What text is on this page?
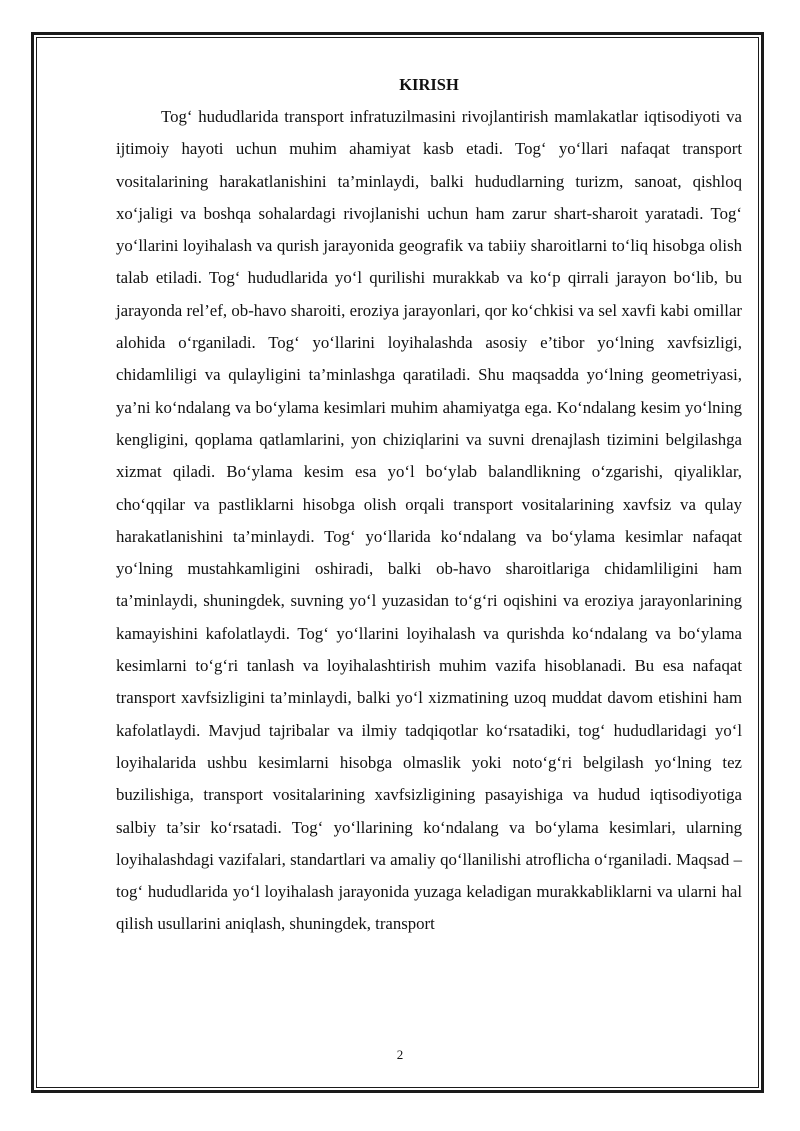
KIRISH

Tog‘ hududlarida transport infratuzilmasini rivojlantirish mamlakatlar iqtisodiyoti va ijtimoiy hayoti uchun muhim ahamiyat kasb etadi. Tog‘ yo‘llari nafaqat transport vositalarining harakatlanishini ta’minlaydi, balki hududlarning turizm, sanoat, qishloq xo‘jaligi va boshqa sohalardagi rivojlanishi uchun ham zarur shart-sharoit yaratadi. Tog‘ yo‘llarini loyihalash va qurish jarayonida geografik va tabiiy sharoitlarni to‘liq hisobga olish talab etiladi. Tog‘ hududlarida yo‘l qurilishi murakkab va ko‘p qirrali jarayon bo‘lib, bu jarayonda rel’ef, ob-havo sharoiti, eroziya jarayonlari, qor ko‘chkisi va sel xavfi kabi omillar alohida o‘rganiladi. Tog‘ yo‘llarini loyihalashda asosiy e’tibor yo‘lning xavfsizligi, chidamliligi va qulayligini ta’minlashga qaratiladi. Shu maqsadda yo‘lning geometriyasi, ya’ni ko‘ndalang va bo‘ylama kesimlari muhim ahamiyatga ega. Ko‘ndalang kesim yo‘lning kengligini, qoplama qatlamlarini, yon chiziqlarini va suvni drenajlash tizimini belgilashga xizmat qiladi. Bo‘ylama kesim esa yo‘l bo‘ylab balandlikning o‘zgarishi, qiyaliklar, cho‘qqilar va pastliklarni hisobga olish orqali transport vositalarining xavfsiz va qulay harakatlanishini ta’minlaydi. Tog‘ yo‘llarida ko‘ndalang va bo‘ylama kesimlar nafaqat yo‘lning mustahkamligini oshiradi, balki ob-havo sharoitlariga chidamliligini ham ta’minlaydi, shuningdek, suvning yo‘l yuzasidan to‘g‘ri oqishini va eroziya jarayonlarining kamayishini kafolatlaydi. Tog‘ yo‘llarini loyihalash va qurishda ko‘ndalang va bo‘ylama kesimlarni to‘g‘ri tanlash va loyihalashtirish muhim vazifa hisoblanadi. Bu esa nafaqat transport xavfsizligini ta’minlaydi, balki yo‘l xizmatining uzoq muddat davom etishini ham kafolatlaydi. Mavjud tajribalar va ilmiy tadqiqotlar ko‘rsatadiki, tog‘ hududlaridagi yo‘l loyihalarida ushbu kesimlarni hisobga olmaslik yoki noto‘g‘ri belgilash yo‘lning tez buzilishiga, transport vositalarining xavfsizligining pasayishiga va hudud iqtisodiyotiga salbiy ta’sir ko‘rsatadi. Tog‘ yo‘llarining ko‘ndalang va bo‘ylama kesimlari, ularning loyihalashdagi vazifalari, standartlari va amaliy qo‘llanilishi atroflicha o‘rganiladi. Maqsad – tog‘ hududlarida yo‘l loyihalash jarayonida yuzaga keladigan murakkabliklarni va ularni hal qilish usullarini aniqlash, shuningdek, transport

2
